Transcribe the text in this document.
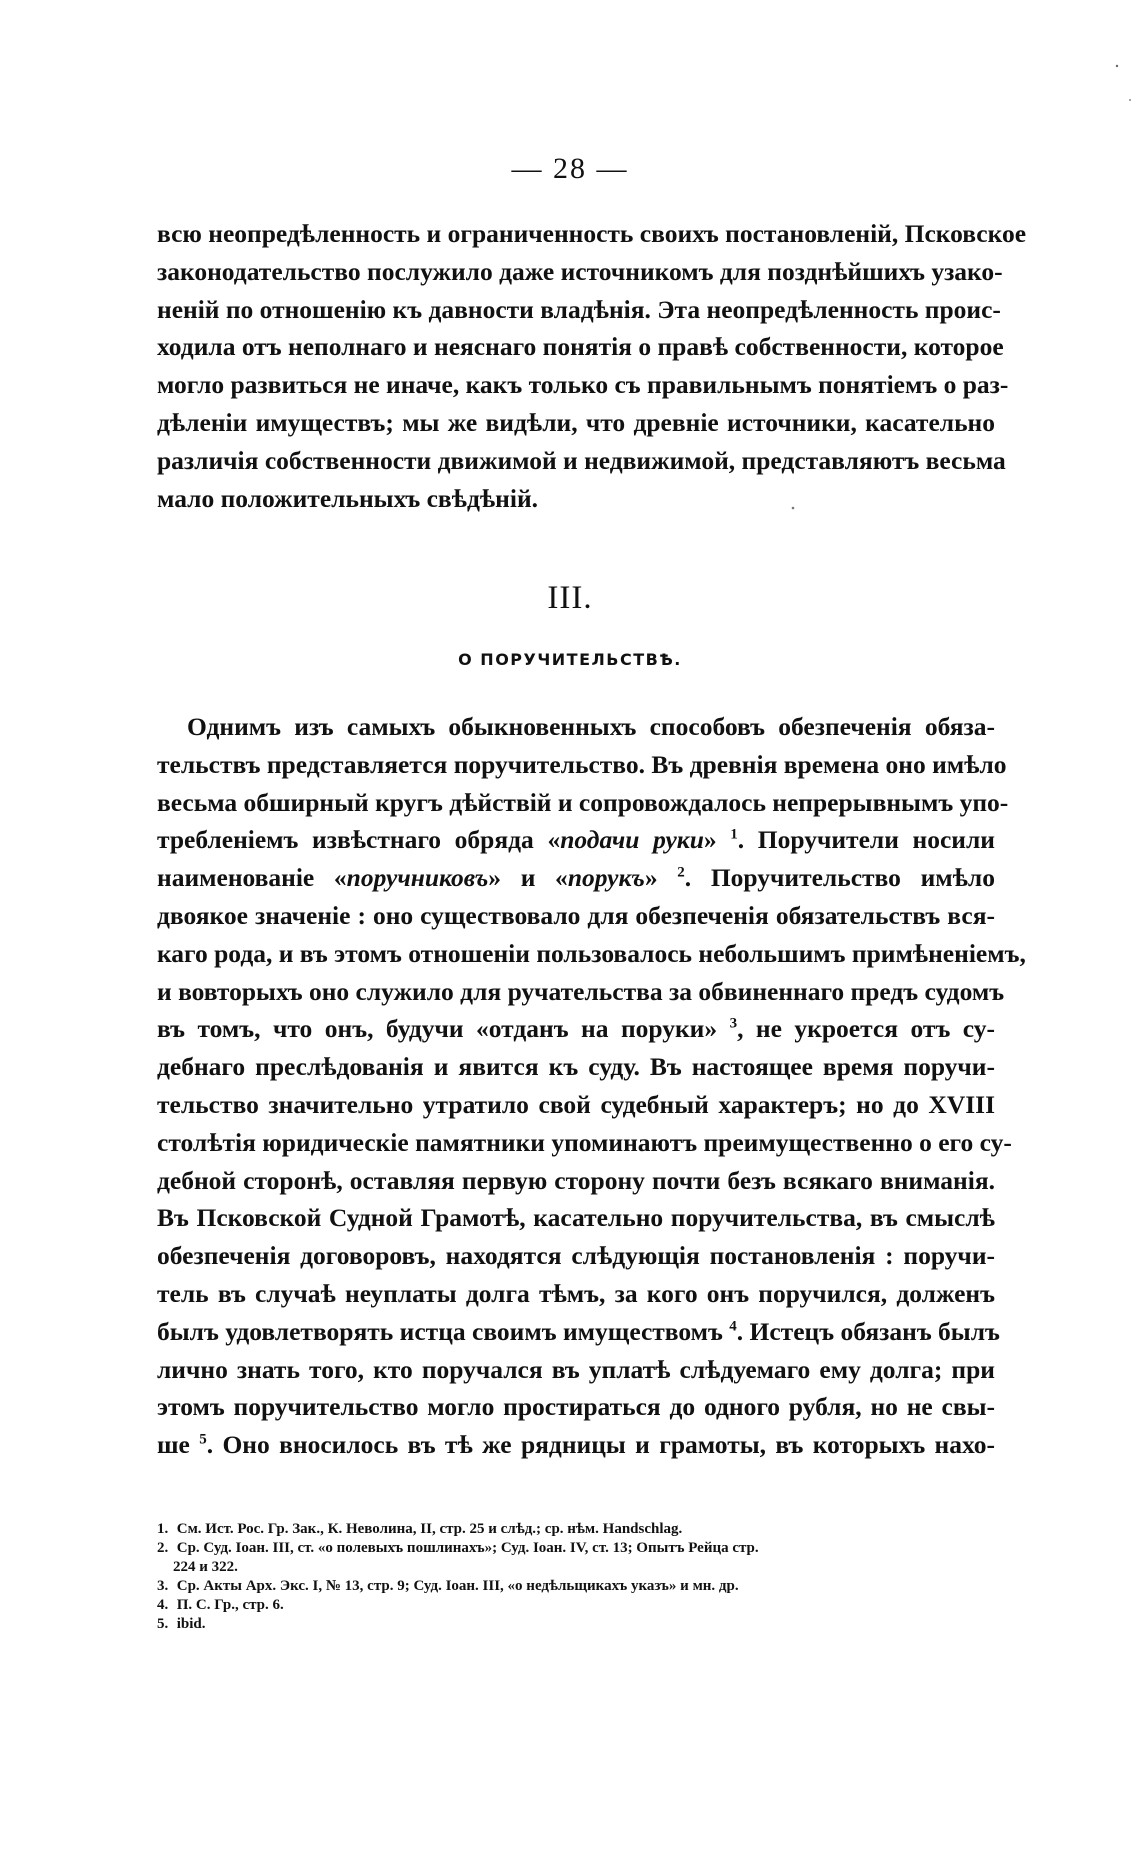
— 28 —
всю неопредѣленность и ограниченность своихъ постановленій, Псковское
законодательство послужило даже источникомъ для позднѣйшихъ узако-
неній по отношенію къ давности владѣнія. Эта неопредѣленность проис-
ходила отъ неполнаго и неяснаго понятія о правѣ собственности, которое
могло развиться не иначе, какъ только съ правильнымъ понятіемъ о раз-
дѣленіи имуществъ; мы же видѣли, что древніе источники, касательно
различія собственности движимой и недвижимой, представляютъ весьма
мало положительныхъ свѣдѣній.
III.
О ПОРУЧИТЕЛЬСТВѢ.
Однимъ изъ самыхъ обыкновенныхъ способовъ обезпеченія обяза-
тельствъ представляется поручительство. Въ древнія времена оно имѣло
весьма обширный кругъ дѣйствій и сопровождалось непрерывнымъ упо-
требленіемъ извѣстнаго обряда «подачи руки» $^1$. Поручители носили
наименованіе «поручниковъ» и «порукъ» $^2$. Поручительство имѣло
двоякое значеніе : оно существовало для обезпеченія обязательствъ вся-
каго рода, и въ этомъ отношеніи пользовалось небольшимъ примѣненіемъ,
и вовторыхъ оно служило для ручательства за обвиненнаго предъ судомъ
въ томъ, что онъ, будучи «отданъ на поруки» $^3$, не укроется отъ су-
дебнаго преслѣдованія и явится къ суду. Въ настоящее время поручи-
тельство значительно утратило свой судебный характеръ; но до XVIII
столѣтія юридическіе памятники упоминаютъ преимущественно о его су-
дебной сторонѣ, оставляя первую сторону почти безъ всякаго вниманія.
Въ Псковской Судной Грамотѣ, касательно поручительства, въ смыслѣ
обезпеченія договоровъ, находятся слѣдующія постановленія : поручи-
тель въ случаѣ неуплаты долга тѣмъ, за кого онъ поручился, долженъ
былъ удовлетворять истца своимъ имуществомъ $^4$. Истецъ обязанъ былъ
лично знать того, кто поручался въ уплатѣ слѣдуемаго ему долга; при
этомъ поручительство могло простираться до одного рубля, но не свы-
ше $^5$. Оно вносилось въ тѣ же рядницы и грамоты, въ которыхъ нахо-
1. См. Ист. Рос. Гр. Зак., К. Неволина, II, стр. 25 и слѣд.; ср. нѣм. Handschlag.
2. Ср. Суд. Іоан. III, ст. «о полевыхъ пошлинахъ»; Суд. Іоан. IV, ст. 13; Опытъ Рейца стр.
224 и 322.
3. Ср. Акты Арх. Экс. I, № 13, стр. 9; Суд. Іоан. III, «о недѣльщикахъ указъ» и мн. др.
4. П. С. Гр., стр. 6.
5. ibid.
